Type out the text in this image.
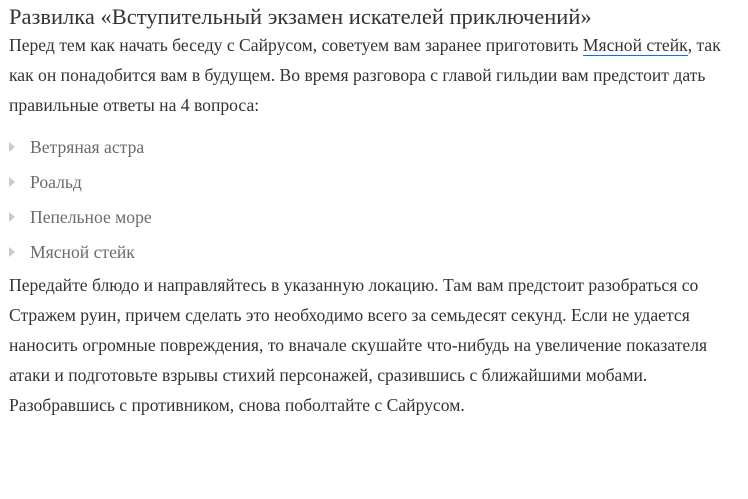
Развилка «Вступительный экзамен искателей приключений»

Перед тем как начать беседу с Сайрусом, советуем вам заранее приготовить Мясной стейк, так как он понадобится вам в будущем. Во время разговора с главой гильдии вам предстоит дать правильные ответы на 4 вопроса:

Ветряная астра
Роальд
Пепельное море
Мясной стейк

Передайте блюдо и направляйтесь в указанную локацию. Там вам предстоит разобраться со Стражем руин, причем сделать это необходимо всего за семьдесят секунд. Если не удается наносить огромные повреждения, то вначале скушайте что-нибудь на увеличение показателя атаки и подготовьте взрывы стихий персонажей, сразившись с ближайшими мобами. Разобравшись с противником, снова поболтайте с Сайрусом.
